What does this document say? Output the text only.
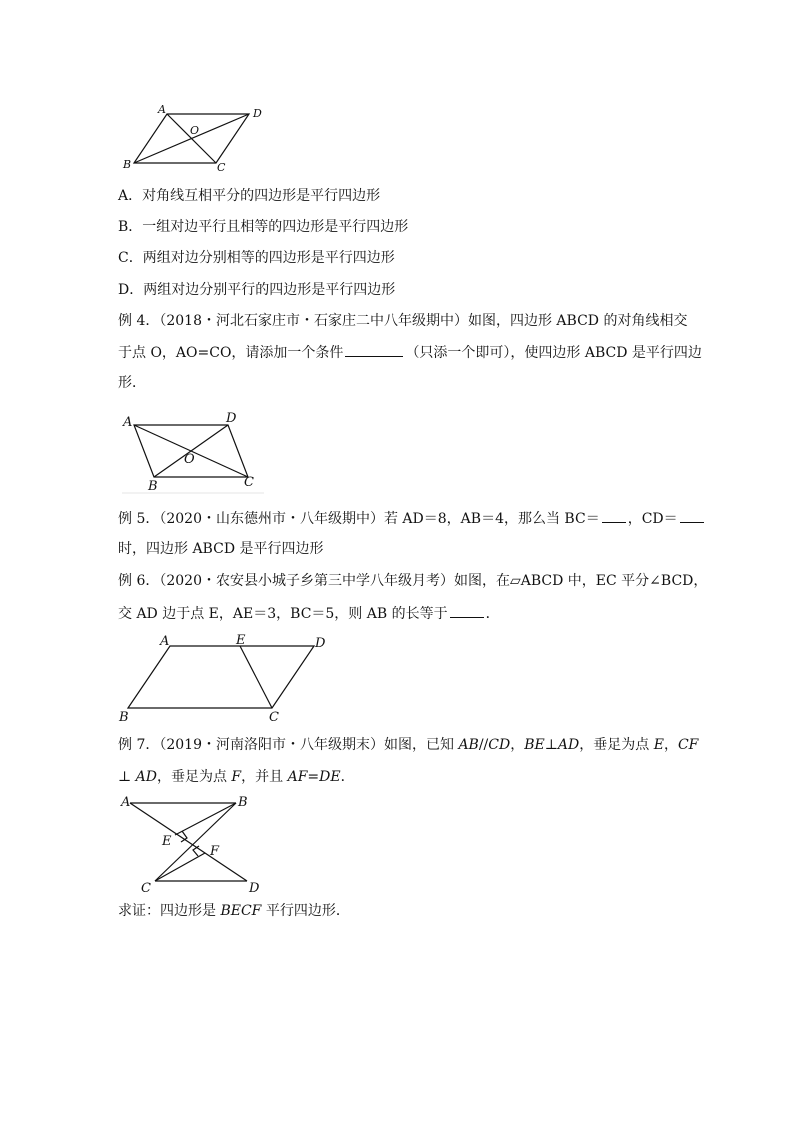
A	D
O
B	C
A．对角线互相平分的四边形是平行四边形
B．一组对边平行且相等的四边形是平行四边形
C．两组对边分别相等的四边形是平行四边形
D．两组对边分别平行的四边形是平行四边形
例 4．（2018・河北石家庄市・石家庄二中八年级期中）如图，四边形 ABCD 的对角线相交
于点 O，AO=CO，请添加一个条件	（只添一个即可），使四边形 ABCD 是平行四边
形．
A	D
O
B	C
例 5．（2020・山东德州市・八年级期中）若 AD＝8，AB＝4，那么当 BC＝ ，CD＝
时，四边形 ABCD 是平行四边形
例 6．（2020・农安县小城子乡第三中学八年级月考）如图，在▱ABCD 中，EC 平分∠BCD，
交 AD 边于点 E，AE＝3，BC＝5，则 AB 的长等于	．
A	E	D
B	C
例 7．（2019・河南洛阳市・八年级期末）如图，已知 AB//CD，BE⊥AD，垂足为点 E，CF
⊥ AD，垂足为点 F，并且 AF=DE．
A	B
E
F
C	D
求证：四边形是 BECF 平行四边形．
